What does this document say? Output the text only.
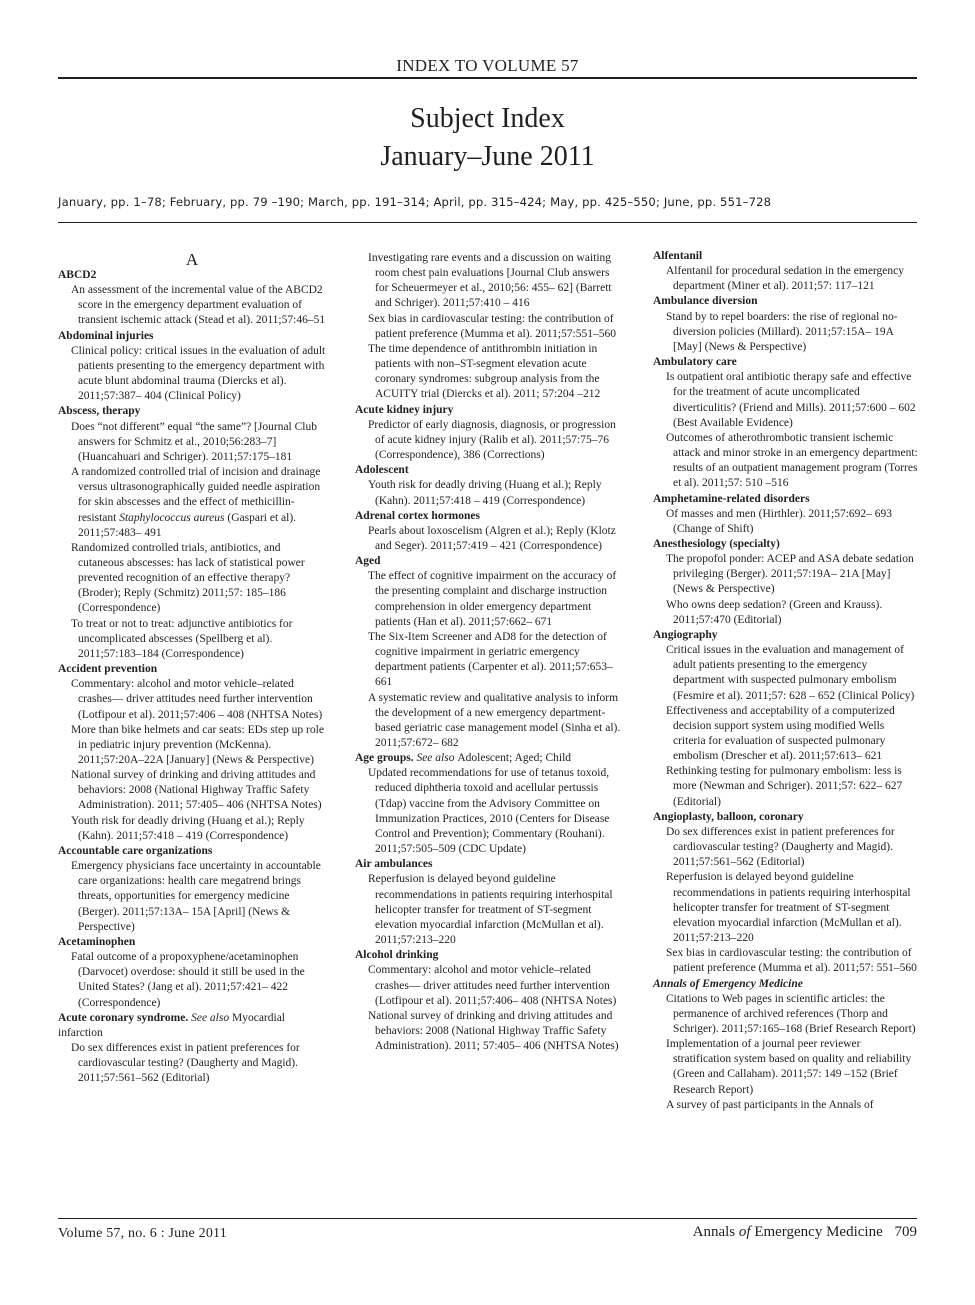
INDEX TO VOLUME 57
Subject Index
January–June 2011
January, pp. 1–78; February, pp. 79 –190; March, pp. 191–314; April, pp. 315–424; May, pp. 425–550; June, pp. 551–728
A
ABCD2
An assessment of the incremental value of the ABCD2 score in the emergency department evaluation of transient ischemic attack (Stead et al). 2011;57:46–51
Abdominal injuries
Clinical policy: critical issues in the evaluation of adult patients presenting to the emergency department with acute blunt abdominal trauma (Diercks et al). 2011;57:387– 404 (Clinical Policy)
Abscess, therapy
Does “not different” equal “the same”? [Journal Club answers for Schmitz et al., 2010;56:283–7] (Huancahuari and Schriger). 2011;57:175–181
A randomized controlled trial of incision and drainage versus ultrasonographically guided needle aspiration for skin abscesses and the effect of methicillin-resistant Staphylococcus aureus (Gaspari et al). 2011;57:483– 491
Randomized controlled trials, antibiotics, and cutaneous abscesses: has lack of statistical power prevented recognition of an effective therapy? (Broder); Reply (Schmitz) 2011;57: 185–186 (Correspondence)
To treat or not to treat: adjunctive antibiotics for uncomplicated abscesses (Spellberg et al). 2011;57:183–184 (Correspondence)
Accident prevention
Commentary: alcohol and motor vehicle–related crashes— driver attitudes need further intervention (Lotfipour et al). 2011;57:406 – 408 (NHTSA Notes)
More than bike helmets and car seats: EDs step up role in pediatric injury prevention (McKenna). 2011;57:20A–22A [January] (News & Perspective)
National survey of drinking and driving attitudes and behaviors: 2008 (National Highway Traffic Safety Administration). 2011; 57:405– 406 (NHTSA Notes)
Youth risk for deadly driving (Huang et al.); Reply (Kahn). 2011;57:418 – 419 (Correspondence)
Accountable care organizations
Emergency physicians face uncertainty in accountable care organizations: health care megatrend brings threats, opportunities for emergency medicine (Berger). 2011;57:13A– 15A [April] (News & Perspective)
Acetaminophen
Fatal outcome of a propoxyphene/acetaminophen (Darvocet) overdose: should it still be used in the United States? (Jang et al). 2011;57:421– 422 (Correspondence)
Acute coronary syndrome. See also Myocardial infarction
Do sex differences exist in patient preferences for cardiovascular testing? (Daugherty and Magid). 2011;57:561–562 (Editorial)
Investigating rare events and a discussion on waiting room chest pain evaluations [Journal Club answers for Scheuermeyer et al., 2010;56: 455– 62] (Barrett and Schriger). 2011;57:410 – 416
Sex bias in cardiovascular testing: the contribution of patient preference (Mumma et al). 2011;57:551–560
The time dependence of antithrombin initiation in patients with non–ST-segment elevation acute coronary syndromes: subgroup analysis from the ACUITY trial (Diercks et al). 2011; 57:204 –212
Acute kidney injury
Predictor of early diagnosis, diagnosis, or progression of acute kidney injury (Ralib et al). 2011;57:75–76 (Correspondence), 386 (Corrections)
Adolescent
Youth risk for deadly driving (Huang et al.); Reply (Kahn). 2011;57:418 – 419 (Correspondence)
Adrenal cortex hormones
Pearls about loxoscelism (Algren et al.); Reply (Klotz and Seger). 2011;57:419 – 421 (Correspondence)
Aged
The effect of cognitive impairment on the accuracy of the presenting complaint and discharge instruction comprehension in older emergency department patients (Han et al). 2011;57:662– 671
The Six-Item Screener and AD8 for the detection of cognitive impairment in geriatric emergency department patients (Carpenter et al). 2011;57:653– 661
A systematic review and qualitative analysis to inform the development of a new emergency department-based geriatric case management model (Sinha et al). 2011;57:672– 682
Age groups. See also Adolescent; Aged; Child
Updated recommendations for use of tetanus toxoid, reduced diphtheria toxoid and acellular pertussis (Tdap) vaccine from the Advisory Committee on Immunization Practices, 2010 (Centers for Disease Control and Prevention); Commentary (Rouhani). 2011;57:505–509 (CDC Update)
Air ambulances
Reperfusion is delayed beyond guideline recommendations in patients requiring interhospital helicopter transfer for treatment of ST-segment elevation myocardial infarction (McMullan et al). 2011;57:213–220
Alcohol drinking
Commentary: alcohol and motor vehicle–related crashes— driver attitudes need further intervention (Lotfipour et al). 2011;57:406– 408 (NHTSA Notes)
National survey of drinking and driving attitudes and behaviors: 2008 (National Highway Traffic Safety Administration). 2011; 57:405– 406 (NHTSA Notes)
Alfentanil
Alfentanil for procedural sedation in the emergency department (Miner et al). 2011;57: 117–121
Ambulance diversion
Stand by to repel boarders: the rise of regional no-diversion policies (Millard). 2011;57:15A– 19A [May] (News & Perspective)
Ambulatory care
Is outpatient oral antibiotic therapy safe and effective for the treatment of acute uncomplicated diverticulitis? (Friend and Mills). 2011;57:600 – 602 (Best Available Evidence)
Outcomes of atherothrombotic transient ischemic attack and minor stroke in an emergency department: results of an outpatient management program (Torres et al). 2011;57: 510 –516
Amphetamine-related disorders
Of masses and men (Hirthler). 2011;57:692– 693 (Change of Shift)
Anesthesiology (specialty)
The propofol ponder: ACEP and ASA debate sedation privileging (Berger). 2011;57:19A– 21A [May] (News & Perspective)
Who owns deep sedation? (Green and Krauss). 2011;57:470 (Editorial)
Angiography
Critical issues in the evaluation and management of adult patients presenting to the emergency department with suspected pulmonary embolism (Fesmire et al). 2011;57: 628 – 652 (Clinical Policy)
Effectiveness and acceptability of a computerized decision support system using modified Wells criteria for evaluation of suspected pulmonary embolism (Drescher et al). 2011;57:613– 621
Rethinking testing for pulmonary embolism: less is more (Newman and Schriger). 2011;57: 622– 627 (Editorial)
Angioplasty, balloon, coronary
Do sex differences exist in patient preferences for cardiovascular testing? (Daugherty and Magid). 2011;57:561–562 (Editorial)
Reperfusion is delayed beyond guideline recommendations in patients requiring interhospital helicopter transfer for treatment of ST-segment elevation myocardial infarction (McMullan et al). 2011;57:213–220
Sex bias in cardiovascular testing: the contribution of patient preference (Mumma et al). 2011;57: 551–560
Annals of Emergency Medicine
Citations to Web pages in scientific articles: the permanence of archived references (Thorp and Schriger). 2011;57:165–168 (Brief Research Report)
Implementation of a journal peer reviewer stratification system based on quality and reliability (Green and Callaham). 2011;57: 149 –152 (Brief Research Report)
A survey of past participants in the Annals of
Volume 57, no. 6 : June 2011	Annals of Emergency Medicine 709
